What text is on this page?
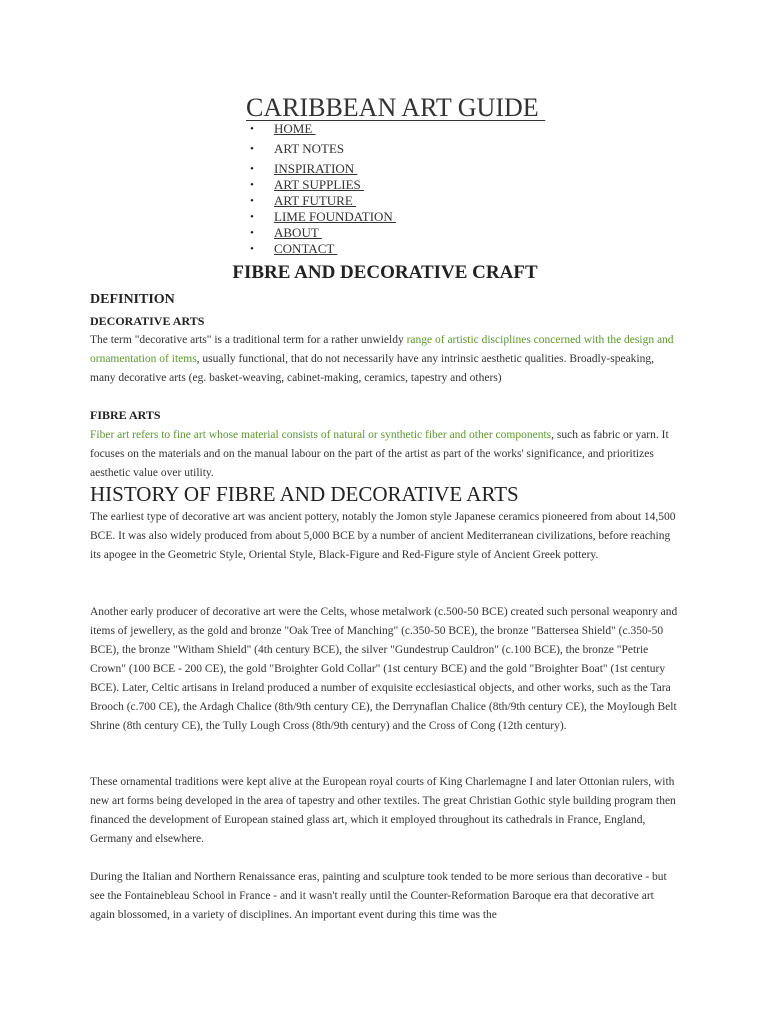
CARIBBEAN ART GUIDE
• HOME
• ART NOTES
• INSPIRATION
• ART SUPPLIES
• ART FUTURE
• LIME FOUNDATION
• ABOUT
• CONTACT
FIBRE AND DECORATIVE CRAFT
DEFINITION
DECORATIVE ARTS

The term "decorative arts" is a traditional term for a rather unwieldy range of artistic disciplines concerned with the design and ornamentation of items, usually functional, that do not necessarily have any intrinsic aesthetic qualities. Broadly-speaking, many decorative arts (eg. basket-weaving, cabinet-making, ceramics, tapestry and others)

FIBRE ARTS

Fiber art refers to fine art whose material consists of natural or synthetic fiber and other components, such as fabric or yarn. It focuses on the materials and on the manual labour on the part of the artist as part of the works' significance, and prioritizes aesthetic value over utility.

HISTORY OF FIBRE AND DECORATIVE ARTS

The earliest type of decorative art was ancient pottery, notably the Jomon style Japanese ceramics pioneered from about 14,500 BCE. It was also widely produced from about 5,000 BCE by a number of ancient Mediterranean civilizations, before reaching its apogee in the Geometric Style, Oriental Style, Black-Figure and Red-Figure style of Ancient Greek pottery.

Another early producer of decorative art were the Celts, whose metalwork (c.500-50 BCE) created such personal weaponry and items of jewellery, as the gold and bronze "Oak Tree of Manching" (c.350-50 BCE), the bronze "Battersea Shield" (c.350-50 BCE), the bronze "Witham Shield" (4th century BCE), the silver "Gundestrup Cauldron" (c.100 BCE), the bronze "Petrie Crown" (100 BCE - 200 CE), the gold "Broighter Gold Collar" (1st century BCE) and the gold "Broighter Boat" (1st century BCE). Later, Celtic artisans in Ireland produced a number of exquisite ecclesiastical objects, and other works, such as the Tara Brooch (c.700 CE), the Ardagh Chalice (8th/9th century CE), the Derrynaflan Chalice (8th/9th century CE), the Moylough Belt Shrine (8th century CE), the Tully Lough Cross (8th/9th century) and the Cross of Cong (12th century).

These ornamental traditions were kept alive at the European royal courts of King Charlemagne I and later Ottonian rulers, with new art forms being developed in the area of tapestry and other textiles. The great Christian Gothic style building program then financed the development of European stained glass art, which it employed throughout its cathedrals in France, England, Germany and elsewhere.

During the Italian and Northern Renaissance eras, painting and sculpture took tended to be more serious than decorative - but see the Fontainebleau School in France - and it wasn't really until the Counter-Reformation Baroque era that decorative art again blossomed, in a variety of disciplines. An important event during this time was the
